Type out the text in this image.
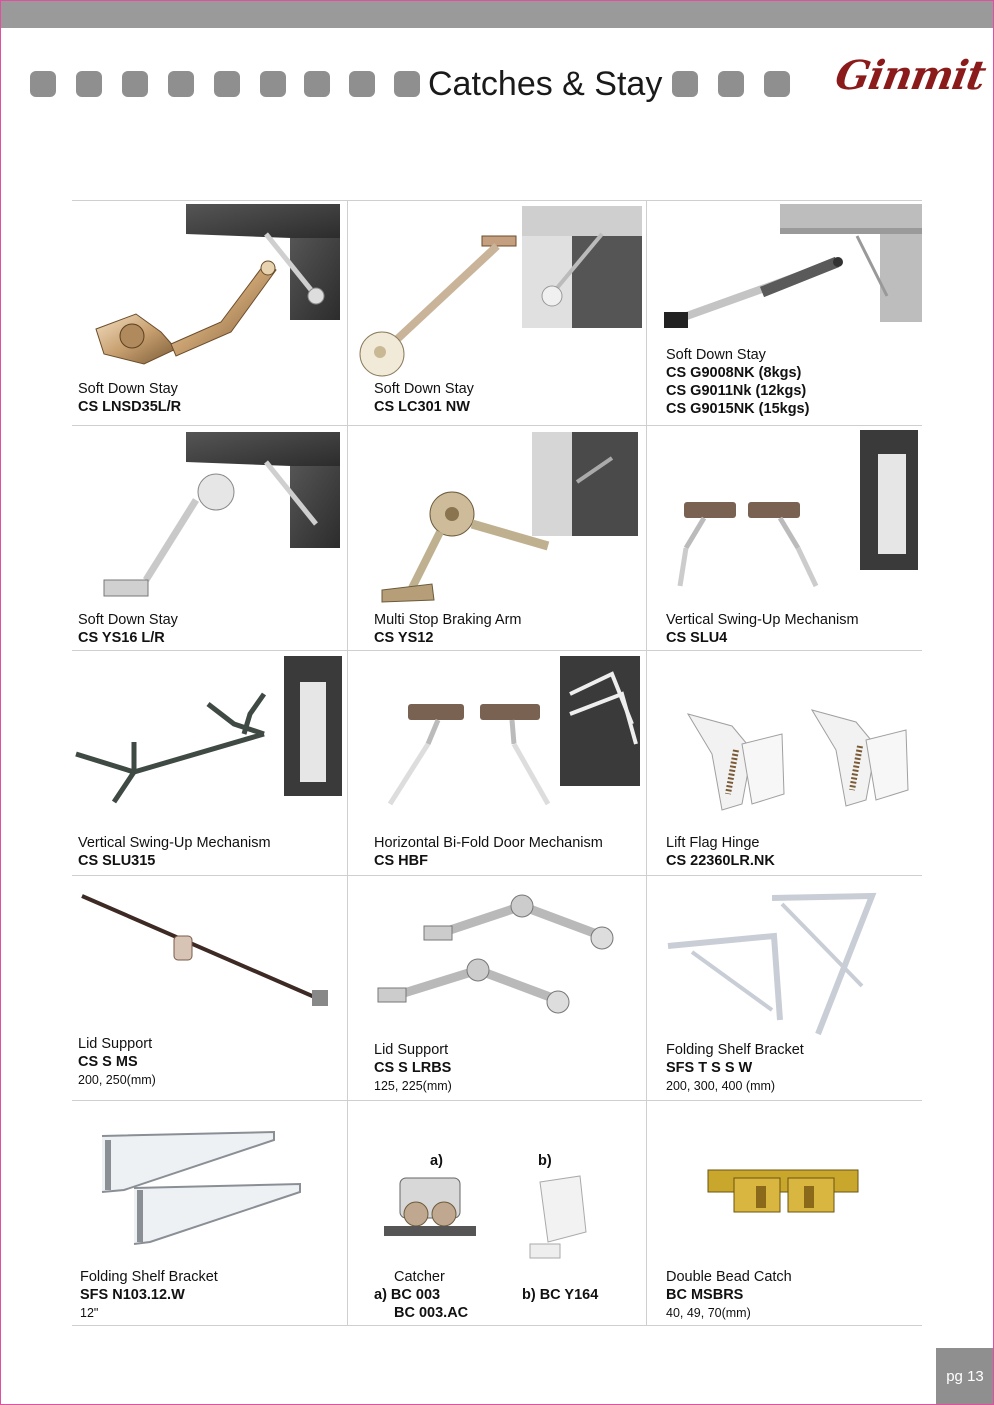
Catches & Stay	Ginmit
Soft Down Stay
CS LNSD35L/R
Soft Down Stay
CS LC301 NW
Soft Down Stay
CS G9008NK (8kgs)
CS G9011Nk (12kgs)
CS G9015NK (15kgs)
Soft Down Stay
CS YS16 L/R
Multi Stop Braking Arm
CS YS12
Vertical Swing-Up Mechanism
CS SLU4
Vertical Swing-Up Mechanism
CS SLU315
Horizontal Bi-Fold Door Mechanism
CS HBF
Lift Flag Hinge
CS 22360LR.NK
Lid Support
CS S MS
200, 250(mm)
Lid Support
CS S LRBS
125, 225(mm)
Folding Shelf Bracket
SFS T S S W
200, 300, 400 (mm)
Folding Shelf Bracket
SFS N103.12.W
12"
a)	b)
Catcher
a) BC 003
BC 003.AC
b) BC Y164
Double Bead Catch
BC MSBRS
40, 49, 70(mm)
pg 13
